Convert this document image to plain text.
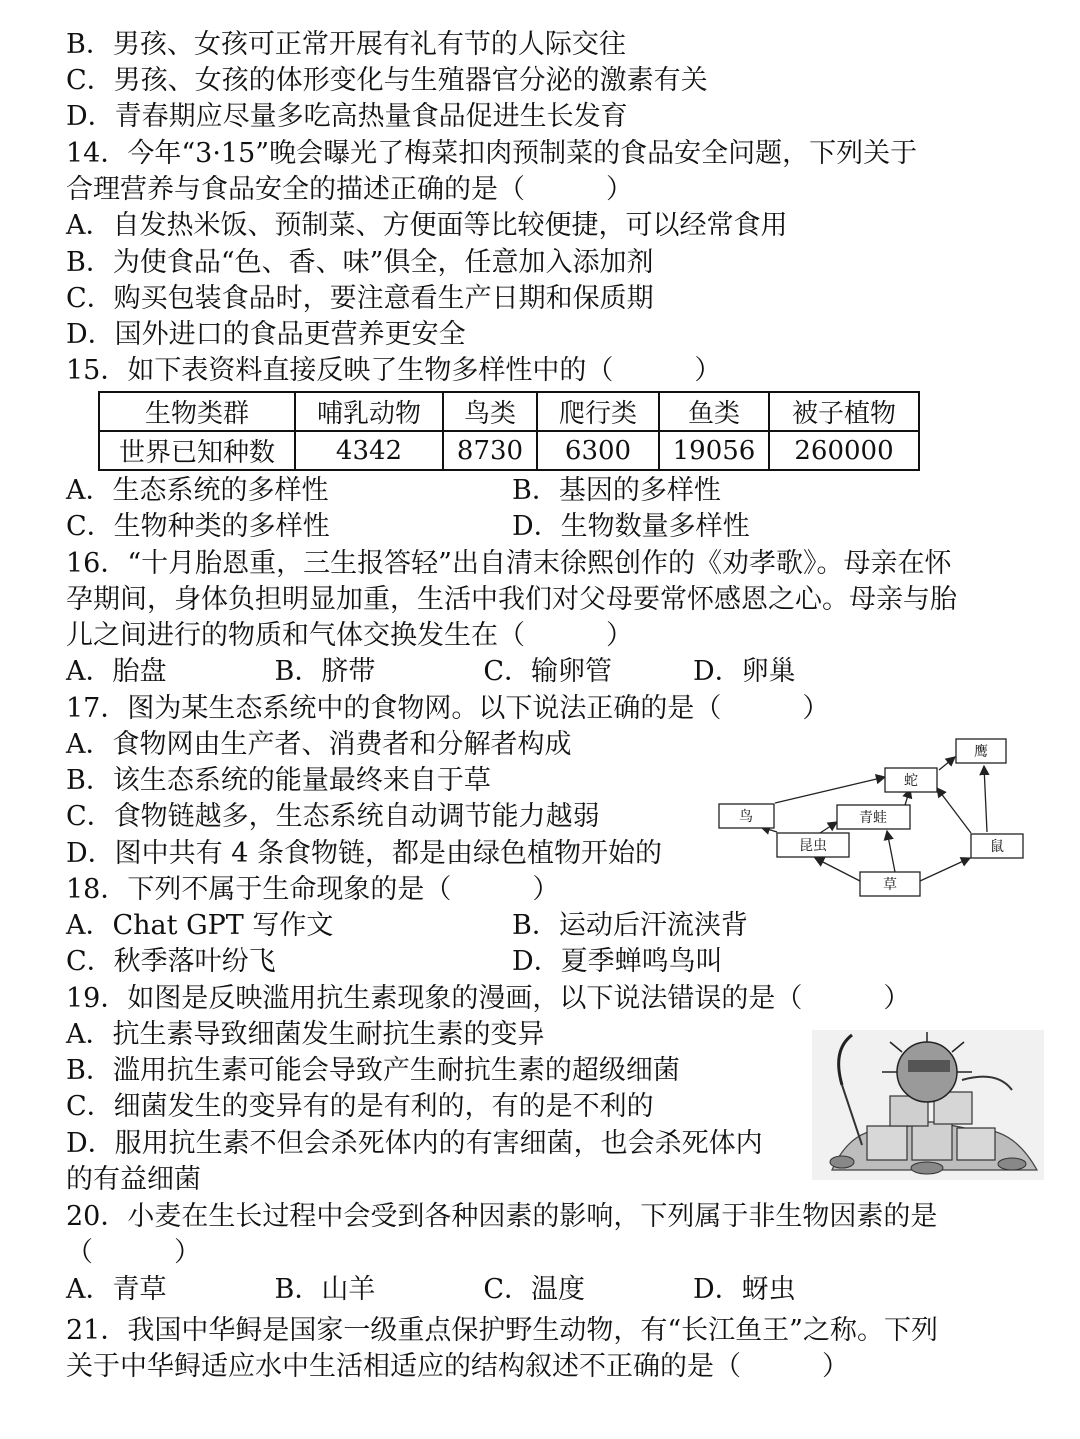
B．男孩、女孩可正常开展有礼有节的人际交往
C．男孩、女孩的体形变化与生殖器官分泌的激素有关
D．青春期应尽量多吃高热量食品促进生长发育
14．今年“3·15”晚会曝光了梅菜扣肉预制菜的食品安全问题，下列关于
合理营养与食品安全的描述正确的是（　　　）
A．自发热米饭、预制菜、方便面等比较便捷，可以经常食用
B．为使食品“色、香、味”俱全，任意加入添加剂
C．购买包装食品时，要注意看生产日期和保质期
D．国外进口的食品更营养更安全
15．如下表资料直接反映了生物多样性中的（　　　）
生物类群	哺乳动物	鸟类	爬行类	鱼类	被子植物
世界已知种数	4342	8730	6300	19056	260000
A．生态系统的多样性	B．基因的多样性
C．生物种类的多样性	D．生物数量多样性
16．“十月胎恩重，三生报答轻”出自清末徐熙创作的《劝孝歌》。母亲在怀
孕期间，身体负担明显加重，生活中我们对父母要常怀感恩之心。母亲与胎
儿之间进行的物质和气体交换发生在（　　　）
A．胎盘　　　　B．脐带　　　　C．输卵管　　　D．卵巢
17．图为某生态系统中的食物网。以下说法正确的是（　　　）
A．食物网由生产者、消费者和分解者构成
B．该生态系统的能量最终来自于草
C．食物链越多，生态系统自动调节能力越弱
D．图中共有 4 条食物链，都是由绿色植物开始的
鹰
蛇
鸟	青蛙
昆虫	鼠
草
18．下列不属于生命现象的是（　　　）
A．Chat GPT 写作文	B．运动后汗流浃背
C．秋季落叶纷飞	D．夏季蝉鸣鸟叫
19．如图是反映滥用抗生素现象的漫画，以下说法错误的是（　　　）
A．抗生素导致细菌发生耐抗生素的变异
B．滥用抗生素可能会导致产生耐抗生素的超级细菌
C．细菌发生的变异有的是有利的，有的是不利的
D．服用抗生素不但会杀死体内的有害细菌，也会杀死体内
的有益细菌
20．小麦在生长过程中会受到各种因素的影响，下列属于非生物因素的是
（　　　）
A．青草　　　　B．山羊　　　　C．温度　　　　D．蚜虫
21．我国中华鲟是国家一级重点保护野生动物，有“长江鱼王”之称。下列
关于中华鲟适应水中生活相适应的结构叙述不正确的是（　　　）
